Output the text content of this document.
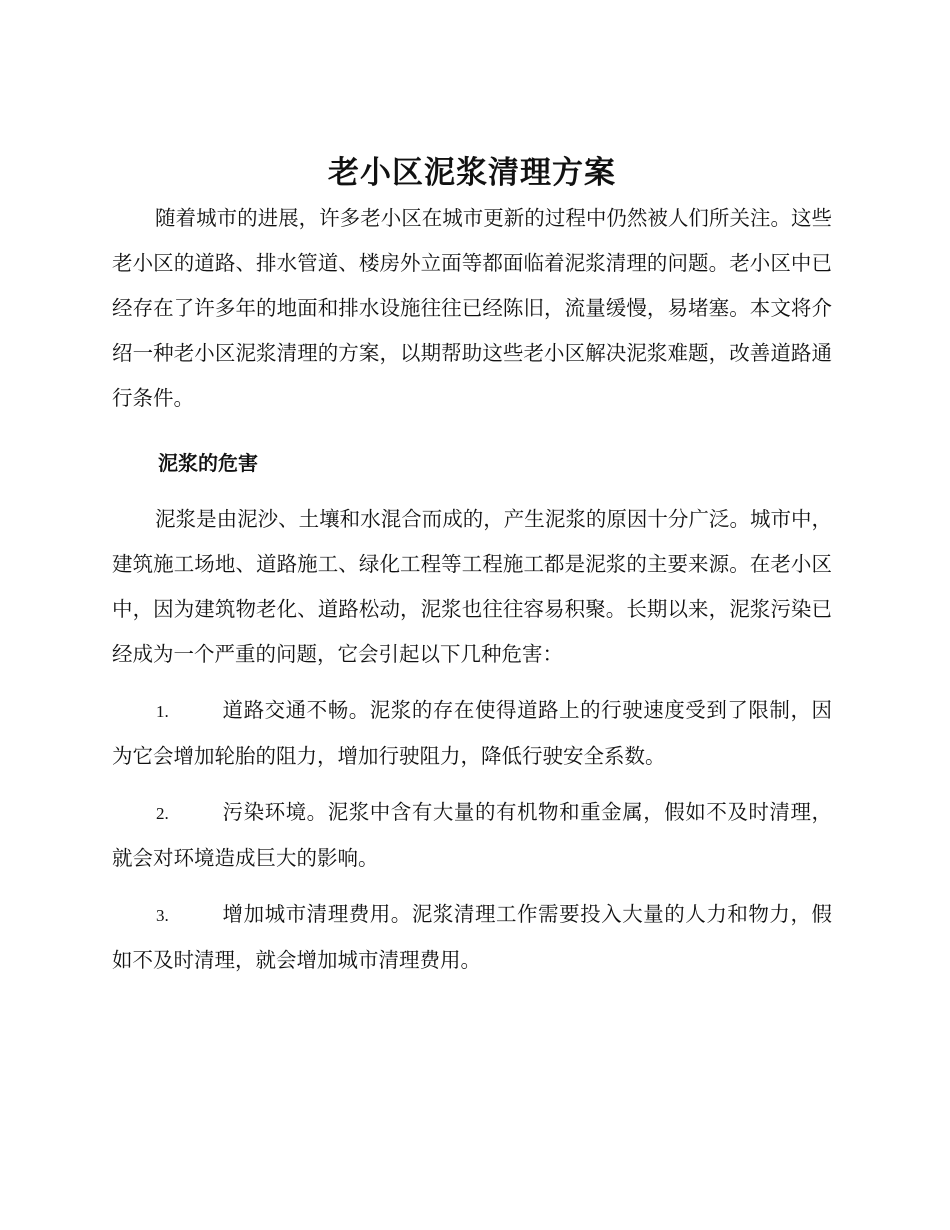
老小区泥浆清理方案

随着城市的进展，许多老小区在城市更新的过程中仍然被人们所关注。这些老小区的道路、排水管道、楼房外立面等都面临着泥浆清理的问题。老小区中已经存在了许多年的地面和排水设施往往已经陈旧，流量缓慢，易堵塞。本文将介绍一种老小区泥浆清理的方案，以期帮助这些老小区解决泥浆难题，改善道路通行条件。

泥浆的危害

泥浆是由泥沙、土壤和水混合而成的，产生泥浆的原因十分广泛。城市中，建筑施工场地、道路施工、绿化工程等工程施工都是泥浆的主要来源。在老小区中，因为建筑物老化、道路松动，泥浆也往往容易积聚。长期以来，泥浆污染已经成为一个严重的问题，它会引起以下几种危害：

1.	道路交通不畅。泥浆的存在使得道路上的行驶速度受到了限制，因为它会增加轮胎的阻力，增加行驶阻力，降低行驶安全系数。

2.	污染环境。泥浆中含有大量的有机物和重金属，假如不及时清理，就会对环境造成巨大的影响。

3.	增加城市清理费用。泥浆清理工作需要投入大量的人力和物力，假如不及时清理，就会增加城市清理费用。
